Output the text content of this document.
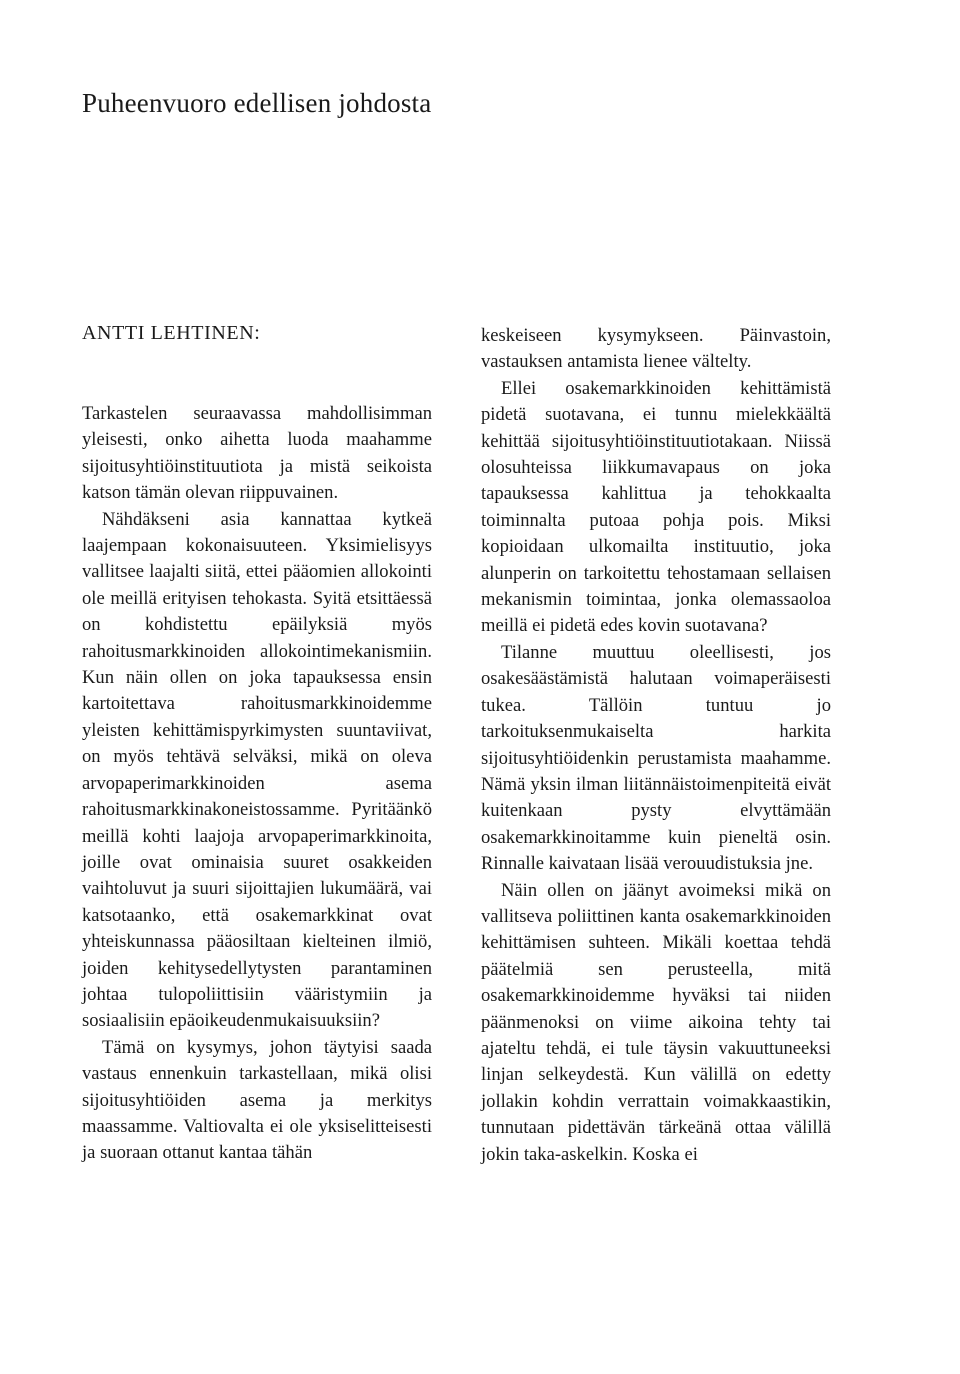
Puheenvuoro edellisen johdosta
ANTTI LEHTINEN:

Tarkastelen seuraavassa mahdollisimman yleisesti, onko aihetta luoda maahamme sijoitusyhtiöinstituutiota ja mistä seikoista katson tämän olevan riippuvainen.

Nähdäkseni asia kannattaa kytkeä laajempaan kokonaisuuteen. Yksimielisyys vallitsee laajalti siitä, ettei pääomien allokointi ole meillä erityisen tehokasta. Syitä etsittäessä on kohdistettu epäilyksiä myös rahoitusmarkkinoiden allokointimekanismiin. Kun näin ollen on joka tapauksessa ensin kartoitettava rahoitusmarkkinoidemme yleisten kehittämispyrkimysten suuntaviivat, on myös tehtävä selväksi, mikä on oleva arvopaperimarkkinoiden asema rahoitusmarkkinakoneistossamme. Pyritäänkö meillä kohti laajoja arvopaperimarkkinoita, joille ovat ominaisia suuret osakkeiden vaihtoluvut ja suuri sijoittajien lukumäärä, vai katsotaanko, että osakemarkkinat ovat yhteiskunnassa pääosiltaan kielteinen ilmiö, joiden kehitysedellytysten parantaminen johtaa tulopoliittisiin vääristymiin ja sosiaalisiin epäoikeudenmukaisuuksiin?

Tämä on kysymys, johon täytyisi saada vastaus ennenkuin tarkastellaan, mikä olisi sijoitusyhtiöiden asema ja merkitys maassamme. Valtiovalta ei ole yksiselitteisesti ja suoraan ottanut kantaa tähän

keskeiseen kysymykseen. Päinvastoin, vastauksen antamista lienee vältelty.

Ellei osakemarkkinoiden kehittämistä pidetä suotavana, ei tunnu mielekkäältä kehittää sijoitusyhtiöinstituutiotakaan. Niissä olosuhteissa liikkumavapaus on joka tapauksessa kahlittua ja tehokkaalta toiminnalta putoaa pohja pois. Miksi kopioidaan ulkomailta instituutio, joka alunperin on tarkoitettu tehostamaan sellaisen mekanismin toimintaa, jonka olemassaoloa meillä ei pidetä edes kovin suotavana?

Tilanne muuttuu oleellisesti, jos osakesäästämistä halutaan voimaperäisesti tukea. Tällöin tuntuu jo tarkoituksenmukaiselta harkita sijoitusyhtiöidenkin perustamista maahamme. Nämä yksin ilman liitännäistoimenpiteitä eivät kuitenkaan pysty elvyttämään osakemarkkinoitamme kuin pieneltä osin. Rinnalle kaivataan lisää verouudistuksia jne.

Näin ollen on jäänyt avoimeksi mikä on vallitseva poliittinen kanta osakemarkkinoiden kehittämisen suhteen. Mikäli koettaa tehdä päätelmiä sen perusteella, mitä osakemarkkinoidemme hyväksi tai niiden päänmenoksi on viime aikoina tehty tai ajateltu tehdä, ei tule täysin vakuuttuneeksi linjan selkeydestä. Kun välillä on edetty jollakin kohdin verrattain voimakkaastikin, tunnutaan pidettävän tärkeänä ottaa välillä jokin taka-askelkin. Koska ei
